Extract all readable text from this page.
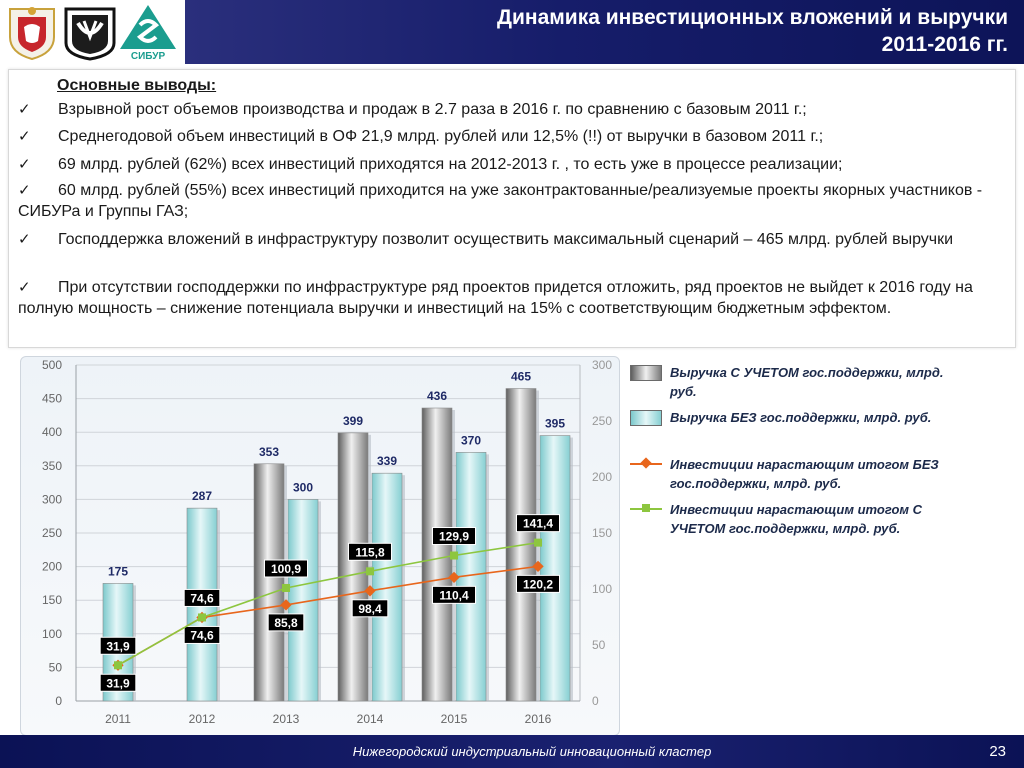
СИБУР
Динамика инвестиционных вложений и выручки
2011-2016 гг.
Основные выводы:
✓ Взрывной рост объемов производства и продаж в 2.7 раза в 2016 г. по сравнению с базовым 2011 г.;
✓ Среднегодовой объем инвестиций в ОФ 21,9 млрд. рублей или 12,5% (!!) от выручки в базовом 2011 г.;
✓ 69 млрд. рублей (62%) всех инвестиций приходятся на 2012-2013 г. , то есть уже в процессе реализации;
✓ 60 млрд. рублей (55%) всех инвестиций приходится на уже законтрактованные/реализуемые проекты якорных участников - СИБУРа и Группы ГАЗ;
✓ Господдержка вложений в инфраструктуру позволит осуществить максимальный сценарий – 465 млрд. рублей выручки
✓ При отсутствии господдержки по инфраструктуре ряд проектов придется отложить, ряд проектов не выйдет к 2016 году на полную мощность – снижение потенциала выручки и инвестиций на 15% с соответствующим бюджетным эффектом.
0
50
100
150
200
250
300
350
400
450
500
0
50
100
150
200
250
300
2011	2012	2013	2014	2015	2016
353
399
436
465
175
287
300
339
370
395
31,9
74,6
85,8
98,4
110,4
120,2
31,9
74,6
100,9
115,8
129,9
141,4
Выручка С УЧЕТОМ гос.поддержки, млрд. руб.
Выручка БЕЗ гос.поддержки, млрд. руб.
Инвестиции нарастающим итогом БЕЗ гос.поддержки, млрд. руб.
Инвестиции нарастающим итогом С УЧЕТОМ гос.поддержки, млрд. руб.
Нижегородский индустриальный инновационный кластер	23
